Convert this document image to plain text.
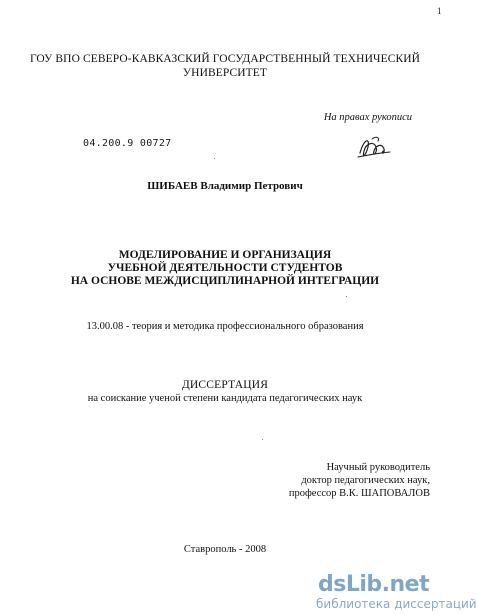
1
ГОУ ВПО СЕВЕРО-КАВКАЗСКИЙ ГОСУДАРСТВЕННЫЙ ТЕХНИЧЕСКИЙ
УНИВЕРСИТЕТ
На правах рукописи
04.200.9 00727
ШИБАЕВ Владимир Петрович
МОДЕЛИРОВАНИЕ И ОРГАНИЗАЦИЯ
УЧЕБНОЙ ДЕЯТЕЛЬНОСТИ СТУДЕНТОВ
НА ОСНОВЕ МЕЖДИСЦИПЛИНАРНОЙ ИНТЕГРАЦИИ
13.00.08 - теория и методика профессионального образования
ДИССЕРТАЦИЯ
на соискание ученой степени кандидата педагогических наук
Научный руководитель
доктор педагогических наук,
профессор В.К. ШАПОВАЛОВ
Ставрополь - 2008
dsLib.net
библиотека диссертаций
